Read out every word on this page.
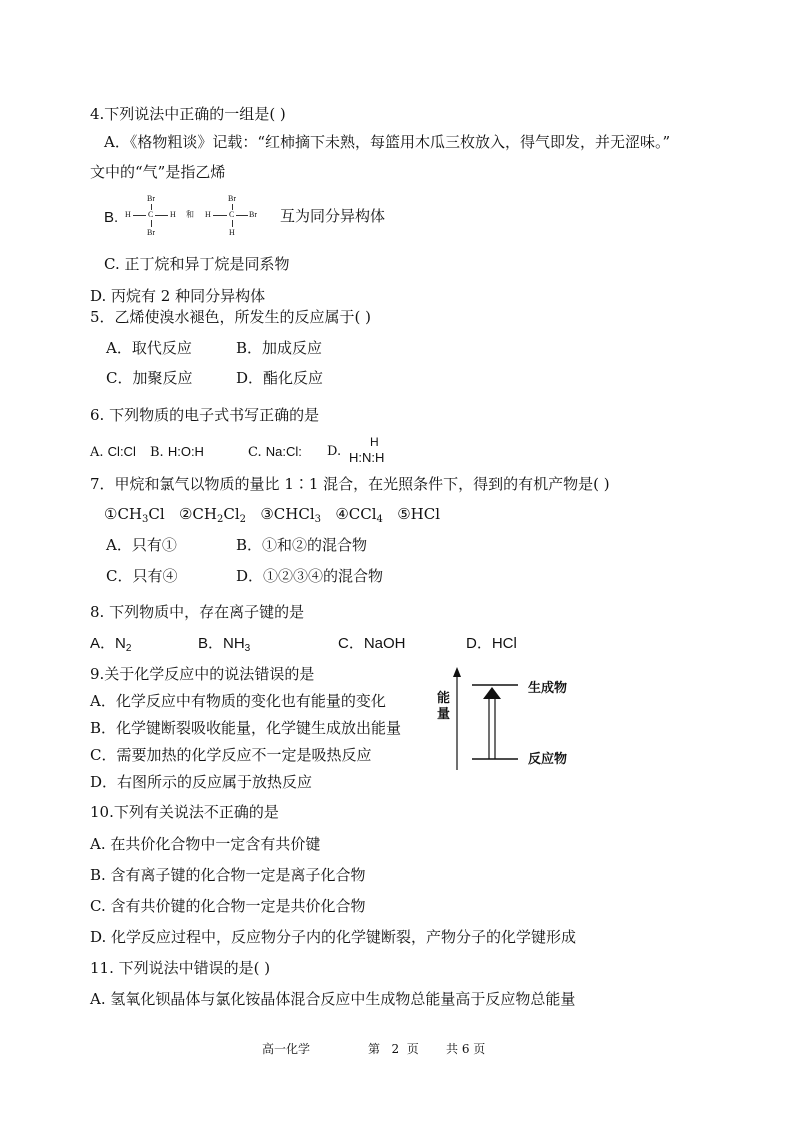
4.下列说法中正确的一组是( )
A．《格物粗谈》记载：“红柿摘下未熟，每篮用木瓜三枚放入，得气即发，并无涩味。”
文中的“气”是指乙烯
B.
Br
H C H
Br
和
Br
H C Br
H
互为同分异构体
C. 正丁烷和异丁烷是同系物
D. 丙烷有 2 种同分异构体
5．乙烯使溴水褪色，所发生的反应属于( )
A．取代反应	B．加成反应
C．加聚反应	D．酯化反应
6. 下列物质的电子式书写正确的是
A. Cl:Cl B. H:O:H	C. Na:Cl: D.
H
H:N:H
7．甲烷和氯气以物质的量比 1∶1 混合，在光照条件下，得到的有机产物是( )
$①CH_3Cl$ $②CH_2Cl_2$ ③CHCl$_3$ ④CCl$_4$ ⑤HCl
A．只有①	B．①和②的混合物
C．只有④	D．①②③④的混合物
8. 下列物质中，存在离子键的是
A．$N_2$	B．$NH_3$	C．NaOH	D．HCl
9.关于化学反应中的说法错误的是
A．化学反应中有物质的变化也有能量的变化
B．化学键断裂吸收能量，化学键生成放出能量
C．需要加热的化学反应不一定是吸热反应
D．右图所示的反应属于放热反应
能量
生成物
反应物
10.下列有关说法不正确的是
A. 在共价化合物中一定含有共价键
B. 含有离子键的化合物一定是离子化合物
C. 含有共价键的化合物一定是共价化合物
D. 化学反应过程中，反应物分子内的化学键断裂，产物分子的化学键形成
11. 下列说法中错误的是( )
A. 氢氧化钡晶体与氯化铵晶体混合反应中生成物总能量高于反应物总能量
高一化学	第 2 页 共 6 页
